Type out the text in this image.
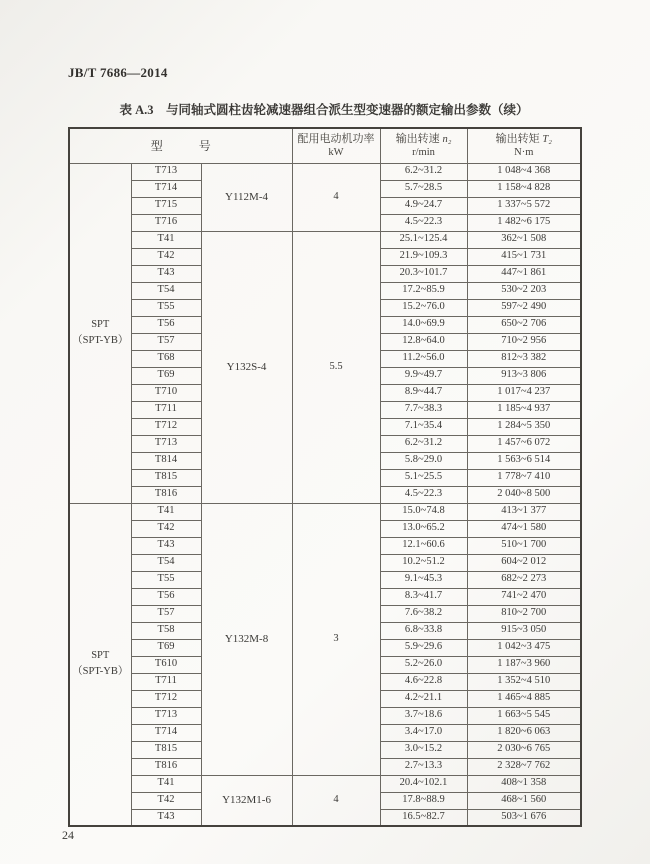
JB/T 7686—2014
表 A.3　与同轴式圆柱齿轮减速器组合派生型变速器的额定输出参数（续）
型　　　号	
配用电动机功率
kW

输出转速 n₂
r/min

输出转矩 T₂
N·m

SPT
（SPT-YB）	T713	Y112M-4	4	6.2~31.2	1 048~4 368
	T714			5.7~28.5	1 158~4 828
	T715			4.9~24.7	1 337~5 572
	T716			4.5~22.3	1 482~6 175
	T41	Y132S-4	5.5	25.1~125.4	362~1 508
	T42			21.9~109.3	415~1 731
	T43			20.3~101.7	447~1 861
	T54			17.2~85.9	530~2 203
	T55			15.2~76.0	597~2 490
	T56			14.0~69.9	650~2 706
	T57			12.8~64.0	710~2 956
	T68			11.2~56.0	812~3 382
	T69			9.9~49.7	913~3 806
	T710			8.9~44.7	1 017~4 237
	T711			7.7~38.3	1 185~4 937
	T712			7.1~35.4	1 284~5 350
	T713			6.2~31.2	1 457~6 072
	T814			5.8~29.0	1 563~6 514
	T815			5.1~25.5	1 778~7 410
	T816			4.5~22.3	2 040~8 500

SPT
（SPT-YB）	T41	Y132M-8	3	15.0~74.8	413~1 377
	T42			13.0~65.2	474~1 580
	T43			12.1~60.6	510~1 700
	T54			10.2~51.2	604~2 012
	T55			9.1~45.3	682~2 273
	T56			8.3~41.7	741~2 470
	T57			7.6~38.2	810~2 700
	T58			6.8~33.8	915~3 050
	T69			5.9~29.6	1 042~3 475
	T610			5.2~26.0	1 187~3 960
	T711			4.6~22.8	1 352~4 510
	T712			4.2~21.1	1 465~4 885
	T713			3.7~18.6	1 663~5 545
	T714			3.4~17.0	1 820~6 063
	T815			3.0~15.2	2 030~6 765
	T816			2.7~13.3	2 328~7 762
	T41	Y132M1-6	4	20.4~102.1	408~1 358
	T42			17.8~88.9	468~1 560
	T43			16.5~82.7	503~1 676
24
